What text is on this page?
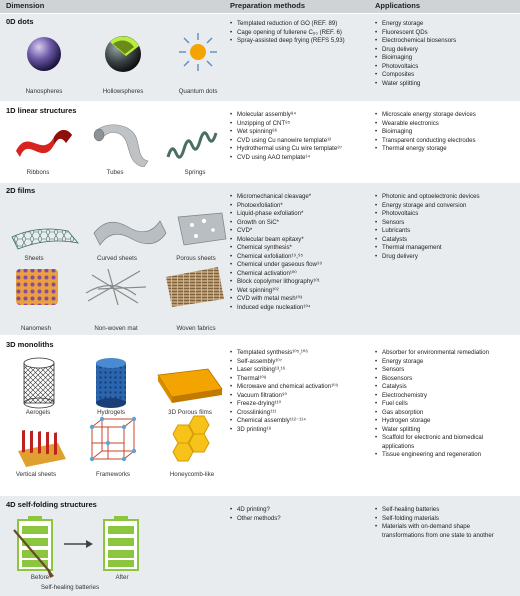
Dimension	Preparation methods	Applications
0D dots
Nanospheres	Hollowspheres	Quantum dots
• Templated reduction of GO (REF. 89)
• Cage opening of fullerene C₆₀ (REF. 6)
• Spray-assisted deep frying (REFS 5,93)
• Energy storage
• Fluorescent QDs
• Electrochemical biosensors
• Drug delivery
• Bioimaging
• Photovoltaics
• Composites
• Water splitting
1D linear structures
Ribbons	Tubes	Springs
• Molecular assembly⁸⁴
• Unzipping of CNT⁸⁵
• Wet spinning⁸⁶
• CVD using Cu nanowire template¹²
• Hydrothermal using Cu wire template⁸⁷
• CVD using AAO template¹⁴
• Microscale energy storage devices
• Wearable electronics
• Bioimaging
• Transparent conducting electrodes
• Thermal energy storage
2D films
Sheets	Curved sheets	Porous sheets
Nanomesh	Non-woven mat	Woven fabrics
• Micromechanical cleavage*
• Photoexfoliation*
• Liquid-phase exfoliation*
• Growth on SiC*
• CVD*
• Molecular beam epitaxy*
• Chemical synthesis*
• Chemical exfoliation¹⁹,⁹⁵
• Chemical under gaseous flow⁹⁹
• Chemical activation¹⁰⁰
• Block copolymer lithography¹⁰¹
• Wet spinning¹⁰²
• CVD with metal mesh¹⁰³
• Induced edge nucleation¹⁰⁴
• Photonic and optoelectronic devices
• Energy storage and conversion
• Photovoltaics
• Sensors
• Lubricants
• Catalysts
• Thermal management
• Drug delivery
3D monoliths
Aerogels	Hydrogels	3D Porous films
Vertical sheets	Frameworks	Honeycomb-like
• Templated synthesis¹⁰⁵,¹⁰⁶
• Self-assembly¹⁰⁷
• Laser scribing¹³,¹⁶
• Thermal¹⁰⁸
• Microwave and chemical activation¹⁰⁹
• Vacuum filtration⁹⁰
• Freeze-drying¹¹⁰
• Crosslinking¹¹¹
• Chemical assembly¹¹²⁻¹¹⁴
• 3D printing¹⁸
• Absorber for environmental remediation
• Energy storage
• Sensors
• Biosensors
• Catalysis
• Electrochemistry
• Fuel cells
• Gas absorption
• Hydrogen storage
• Water splitting
• Scaffold for electronic and biomedical applications
• Tissue engineering and regeneration
4D self-folding structures
Before	After
Self-healing batteries
• 4D printing?
• Other methods?
• Self-healing batteries
• Self-folding materials
• Materials with on-demand shape transformations from one state to another
